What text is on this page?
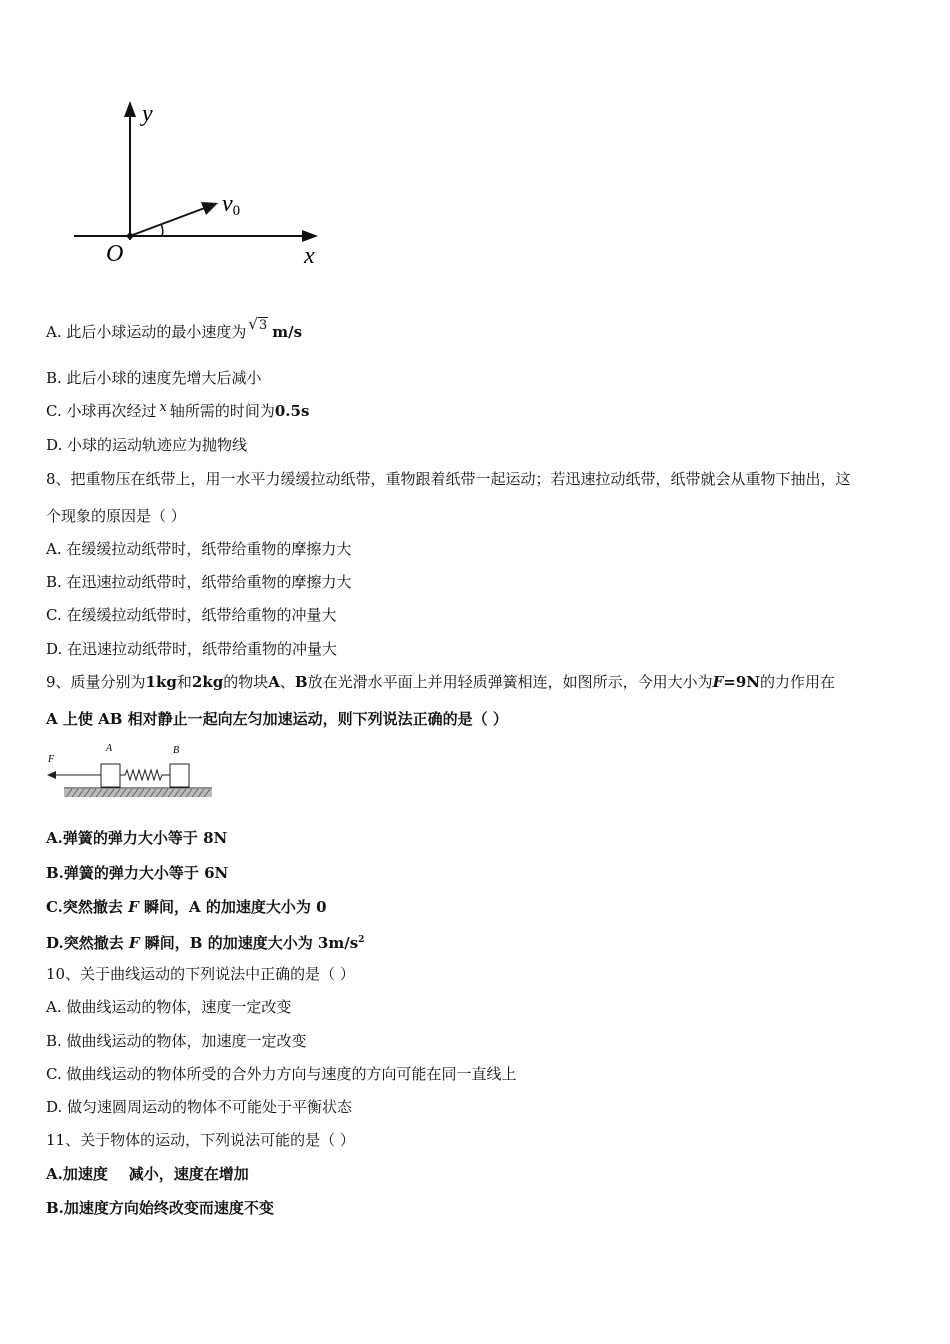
y
x
O
v0
A. 此后小球运动的最小速度为 √3 m/s
B. 此后小球的速度先增大后减小
C. 小球再次经过 x 轴所需的时间为0.5s
D. 小球的运动轨迹应为抛物线
8、把重物压在纸带上，用一水平力缓缓拉动纸带，重物跟着纸带一起运动；若迅速拉动纸带，纸带就会从重物下抽出，这
个现象的原因是（ ）
A. 在缓缓拉动纸带时，纸带给重物的摩擦力大
B. 在迅速拉动纸带时，纸带给重物的摩擦力大
C. 在缓缓拉动纸带时，纸带给重物的冲量大
D. 在迅速拉动纸带时，纸带给重物的冲量大
9、质量分别为1kg和2kg的物块A、B放在光滑水平面上并用轻质弹簧相连，如图所示，今用大小为F=9N的力作用在
A 上使 AB 相对静止一起向左匀加速运动，则下列说法正确的是（ ）
F
A	B
A.弹簧的弹力大小等于 8N
B.弹簧的弹力大小等于 6N
C.突然撤去 F 瞬间，A 的加速度大小为 0
D.突然撤去 F 瞬间，B 的加速度大小为 $3m/s^2$
10、关于曲线运动的下列说法中正确的是（ ）
A. 做曲线运动的物体，速度一定改变
B. 做曲线运动的物体，加速度一定改变
C. 做曲线运动的物体所受的合外力方向与速度的方向可能在同一直线上
D. 做匀速圆周运动的物体不可能处于平衡状态
11、关于物体的运动，下列说法可能的是（ ）
A.加速度    减小，速度在增加
B.加速度方向始终改变而速度不变
